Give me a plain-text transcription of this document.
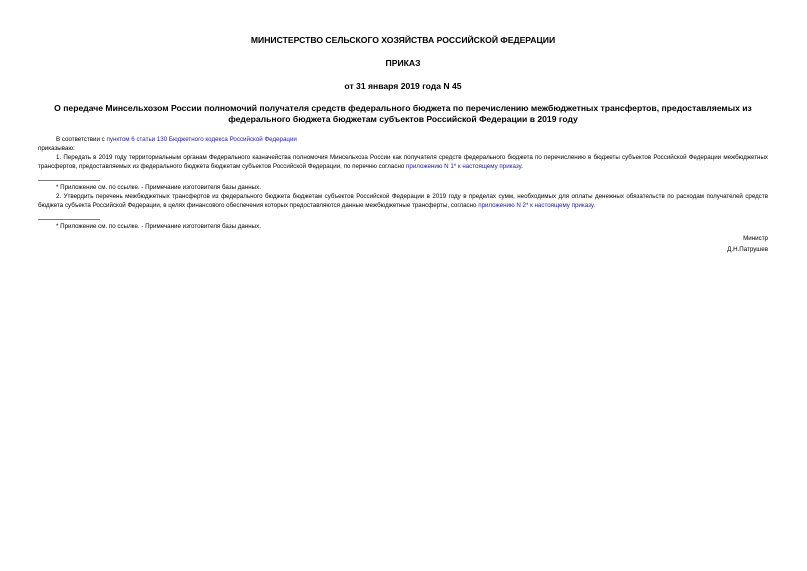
МИНИСТЕРСТВО СЕЛЬСКОГО ХОЗЯЙСТВА РОССИЙСКОЙ ФЕДЕРАЦИИ

ПРИКАЗ

от 31 января 2019 года N 45

О передаче Минсельхозом России полномочий получателя средств федерального бюджета по перечислению межбюджетных трансфертов, предоставляемых из федерального бюджета бюджетам субъектов Российской Федерации в 2019 году

В соответствии с пунктом 6 статьи 130 Бюджетного кодекса Российской Федерации

приказываю:

1. Передать в 2019 году территориальным органам Федерального казначейства полномочия Минсельхоза России как получателя средств федерального бюджета по перечислению в бюджеты субъектов Российской Федерации межбюджетных трансфертов, предоставляемых из федерального бюджета бюджетам субъектов Российской Федерации, по перечню согласно приложению N 1* к настоящему приказу.

* Приложение см. по ссылке. - Примечание изготовителя базы данных.

2. Утвердить перечень межбюджетных трансфертов из федерального бюджета бюджетам субъектов Российской Федерации в 2019 году в пределах сумм, необходимых для оплаты денежных обязательств по расходам получателей средств бюджета субъекта Российской Федерации, в целях финансового обеспечения которых предоставляются данные межбюджетные трансферты, согласно приложению N 2* к настоящему приказу.

* Приложение см. по ссылке. - Примечание изготовителя базы данных.

Министр

Д.Н.Патрушев
